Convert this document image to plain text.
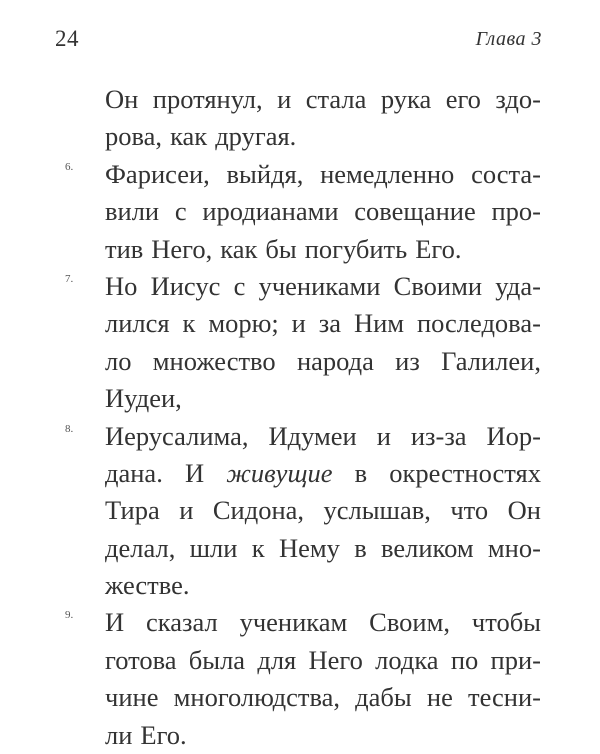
24	Глава 3
Он протянул, и стала рука его здо-
рова, как другая.
6. Фарисеи, выйдя, немедленно соста-
вили с иродианами совещание про-
тив Него, как бы погубить Его.
7. Но Иисус с учениками Своими уда-
лился к морю; и за Ним последова-
ло множество народа из Галилеи,
Иудеи,
8. Иерусалима, Идумеи и из-за Иор-
дана. И живущие в окрестностях
Тира и Сидона, услышав, что Он
делал, шли к Нему в великом мно-
жестве.
9. И сказал ученикам Своим, чтобы
готова была для Него лодка по при-
чине многолюдства, дабы не тесни-
ли Его.
